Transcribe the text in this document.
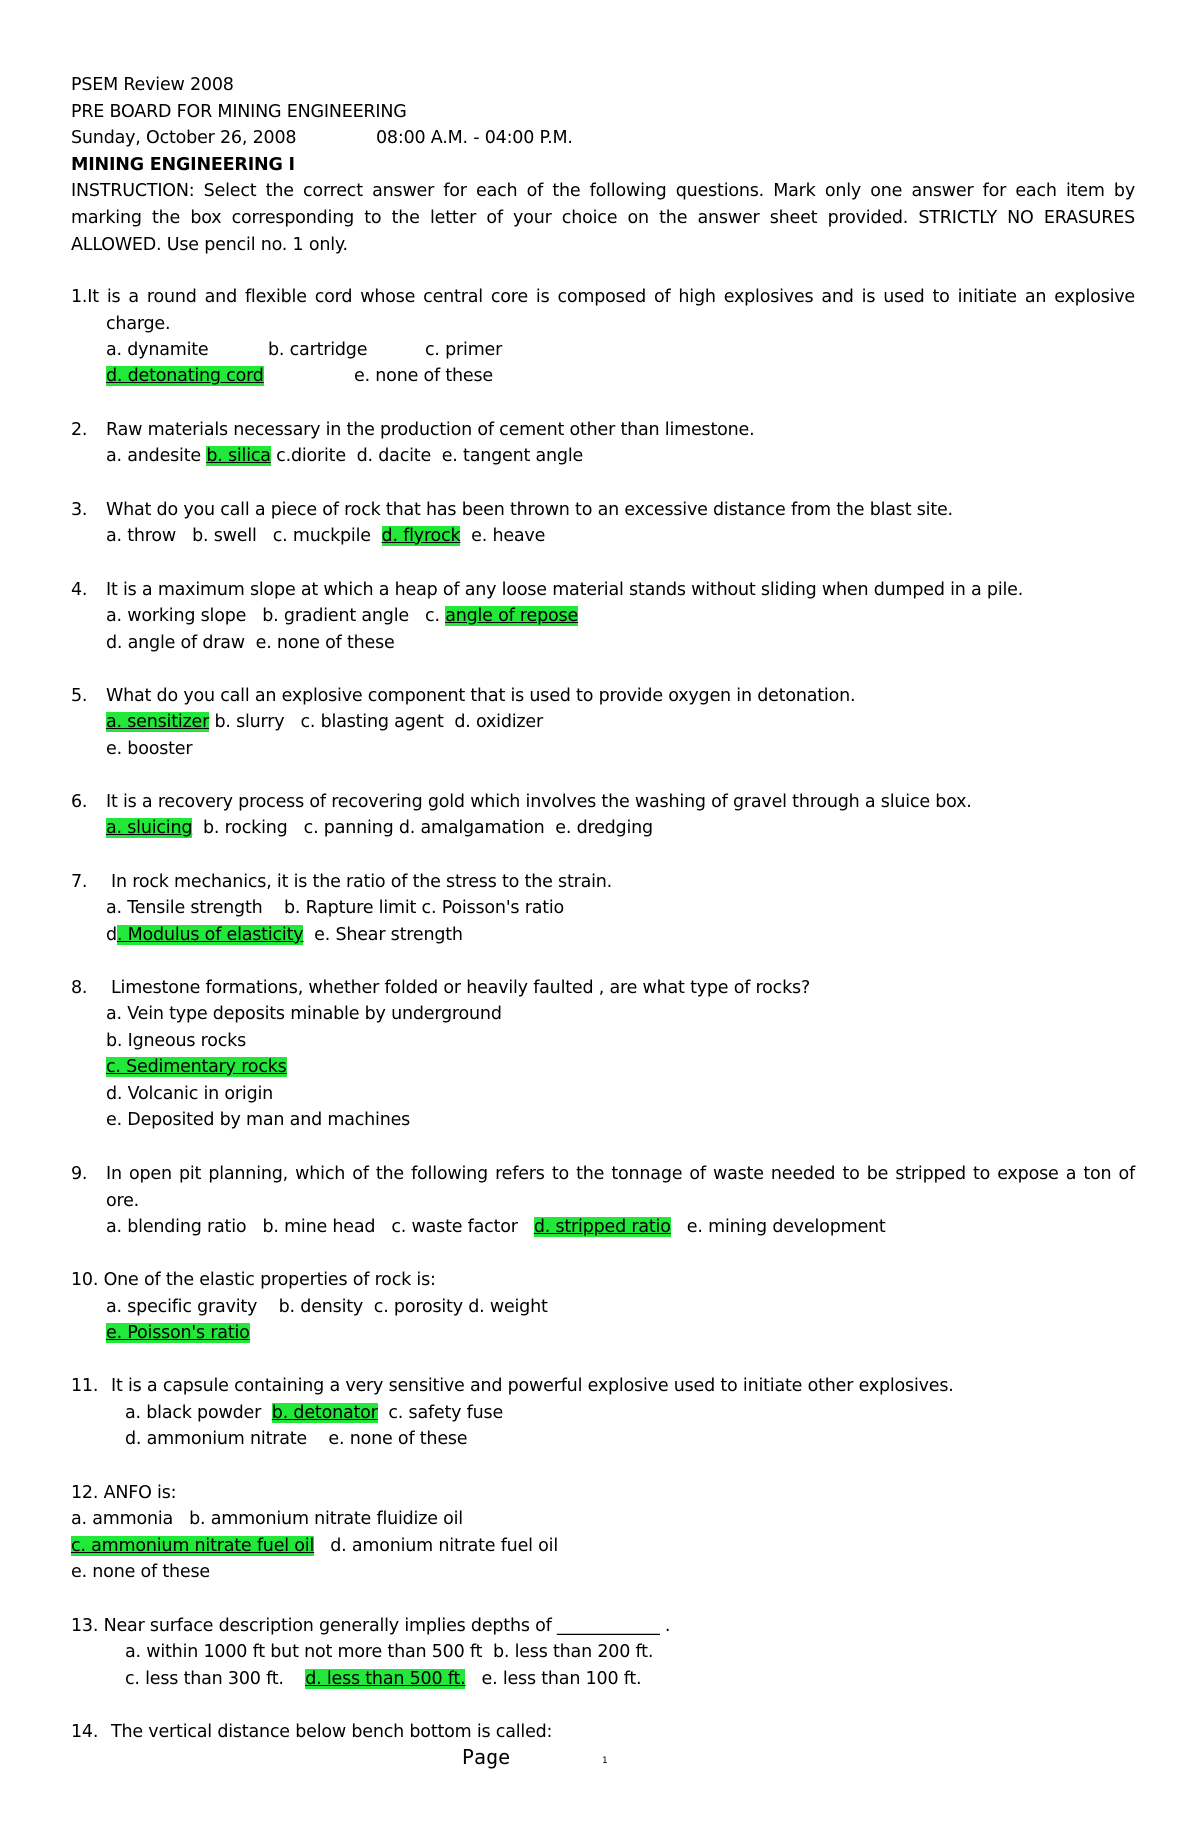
PSEM Review 2008
PRE BOARD FOR MINING ENGINEERING
Sunday, October 26, 2008	08:00 A.M. - 04:00 P.M.
MINING ENGINEERING I
INSTRUCTION: Select the correct answer for each of the following questions. Mark only one answer for each item by
marking the box corresponding to the letter of your choice on the answer sheet provided. STRICTLY NO ERASURES
ALLOWED. Use pencil no. 1 only.
1.It is a round and flexible cord whose central core is composed of high explosives and is used to initiate an explosive
charge.
a. dynamite	b. cartridge	c. primer
d. detonating cord	e. none of these
2. Raw materials necessary in the production of cement other than limestone.
a. andesite b. silica c.diorite  d. dacite  e. tangent angle
3. What do you call a piece of rock that has been thrown to an excessive distance from the blast site.
a. throw   b. swell   c. muckpile  d. flyrock  e. heave
4. It is a maximum slope at which a heap of any loose material stands without sliding when dumped in a pile.
a. working slope   b. gradient angle   c. angle of repose
d. angle of draw  e. none of these
5. What do you call an explosive component that is used to provide oxygen in detonation.
a. sensitizer b. slurry   c. blasting agent  d. oxidizer
e. booster
6. It is a recovery process of recovering gold which involves the washing of gravel through a sluice box.
a. sluicing  b. rocking   c. panning d. amalgamation  e. dredging
7. In rock mechanics, it is the ratio of the stress to the strain.
a. Tensile strength    b. Rapture limit c. Poisson's ratio
d. Modulus of elasticity  e. Shear strength
8. Limestone formations, whether folded or heavily faulted , are what type of rocks?
a. Vein type deposits minable by underground
b. Igneous rocks
c. Sedimentary rocks
d. Volcanic in origin
e. Deposited by man and machines
9. In open pit planning, which of the following refers to the tonnage of waste needed to be stripped to expose a ton of
ore.
a. blending ratio   b. mine head   c. waste factor   d. stripped ratio   e. mining development
10. One of the elastic properties of rock is:
a. specific gravity    b. density  c. porosity d. weight
e. Poisson's ratio
11. It is a capsule containing a very sensitive and powerful explosive used to initiate other explosives.
a. black powder  b. detonator  c. safety fuse
d. ammonium nitrate    e. none of these
12. ANFO is:
a. ammonia   b. ammonium nitrate fluidize oil
c. ammonium nitrate fuel oil   d. amonium nitrate fuel oil
e. none of these
13. Near surface description generally implies depths of ____________ .
a. within 1000 ft but not more than 500 ft  b. less than 200 ft.
c. less than 300 ft.    d. less than 500 ft.   e. less than 100 ft.
14. The vertical distance below bench bottom is called:
Page	1
